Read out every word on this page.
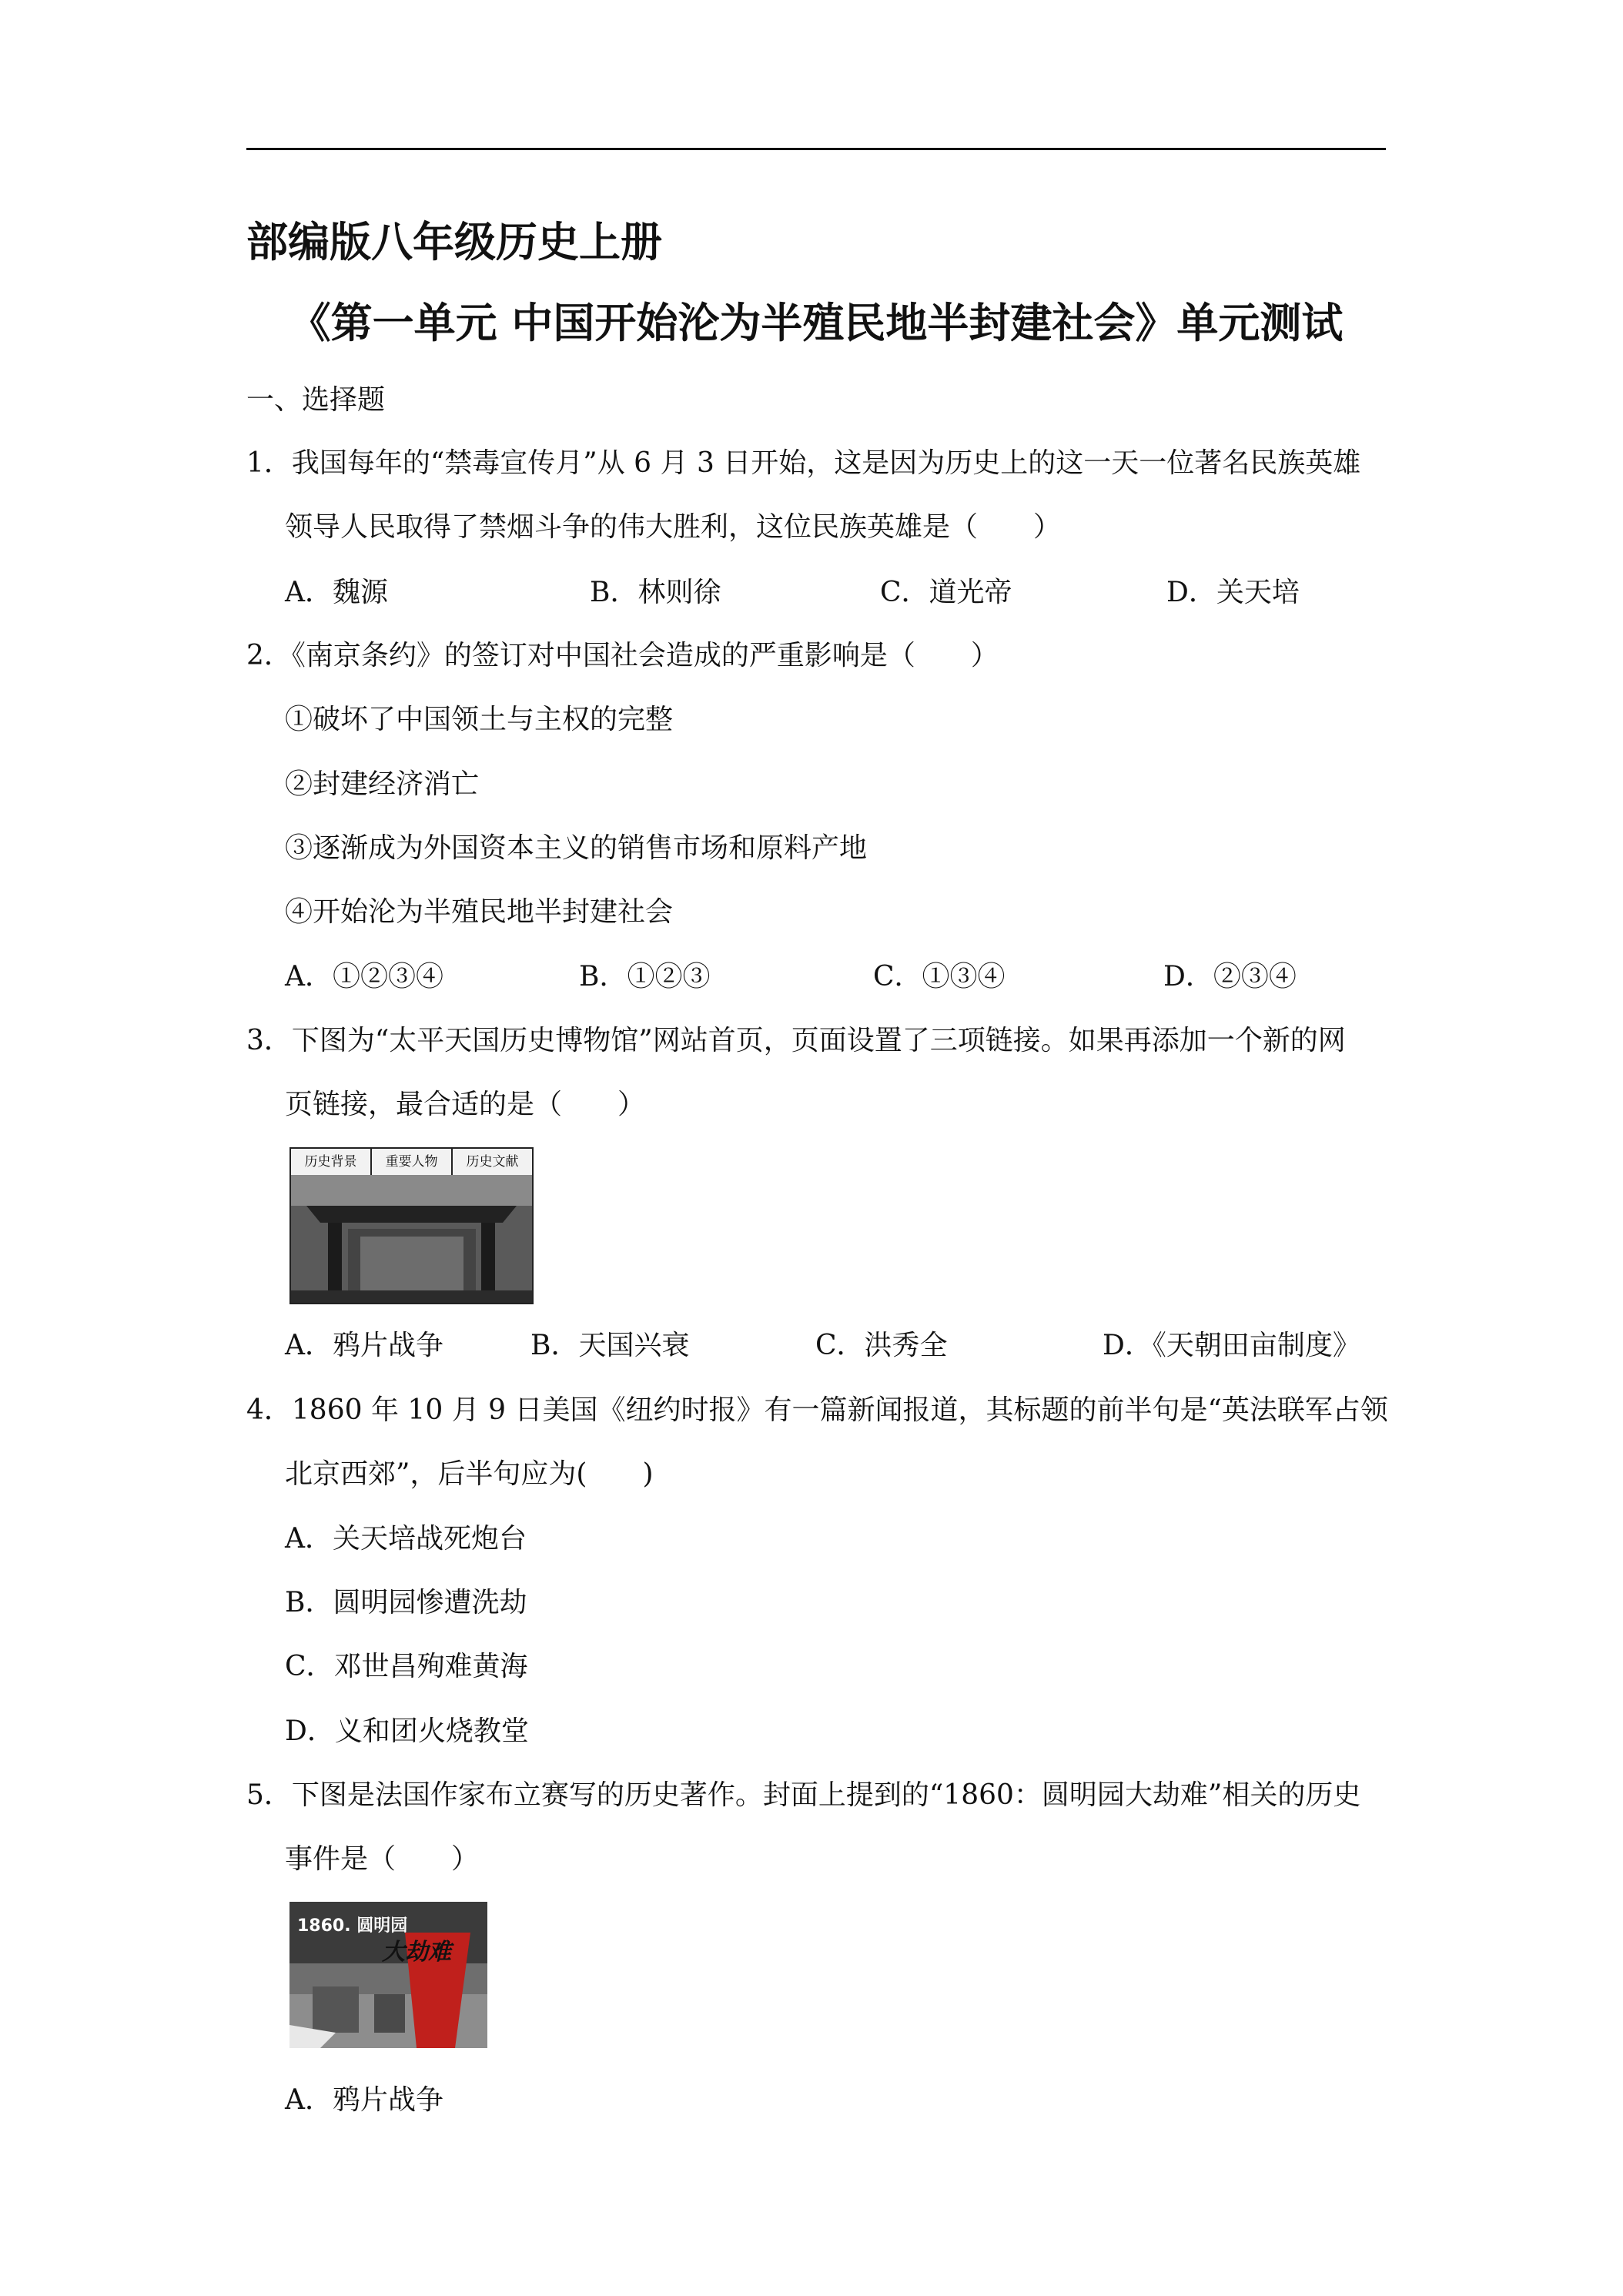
部编版八年级历史上册
《第一单元 中国开始沦为半殖民地半封建社会》单元测试
一、选择题
1．我国每年的“禁毒宣传月”从 6 月 3 日开始，这是因为历史上的这一天一位著名民族英雄
领导人民取得了禁烟斗争的伟大胜利，这位民族英雄是（　　）
A．魏源	B．林则徐	C．道光帝	D．关天培
2．《南京条约》的签订对中国社会造成的严重影响是（　　）
①破坏了中国领土与主权的完整
②封建经济消亡
③逐渐成为外国资本主义的销售市场和原料产地
④开始沦为半殖民地半封建社会
A．①②③④	B．①②③	C．①③④	D．②③④
3．下图为“太平天国历史博物馆”网站首页，页面设置了三项链接。如果再添加一个新的网
页链接，最合适的是（　　）
历史背景	重要人物	历史文献
A．鸦片战争	B．天国兴衰	C．洪秀全	D．《天朝田亩制度》
4．1860 年 10 月 9 日美国《纽约时报》有一篇新闻报道，其标题的前半句是“英法联军占领
北京西郊”，后半句应为(　　)
A．关天培战死炮台
B．圆明园惨遭洗劫
C．邓世昌殉难黄海
D．义和团火烧教堂
5．下图是法国作家布立赛写的历史著作。封面上提到的“1860：圆明园大劫难”相关的历史
事件是（　　）
1860. 圆明园
大劫难
A．鸦片战争
